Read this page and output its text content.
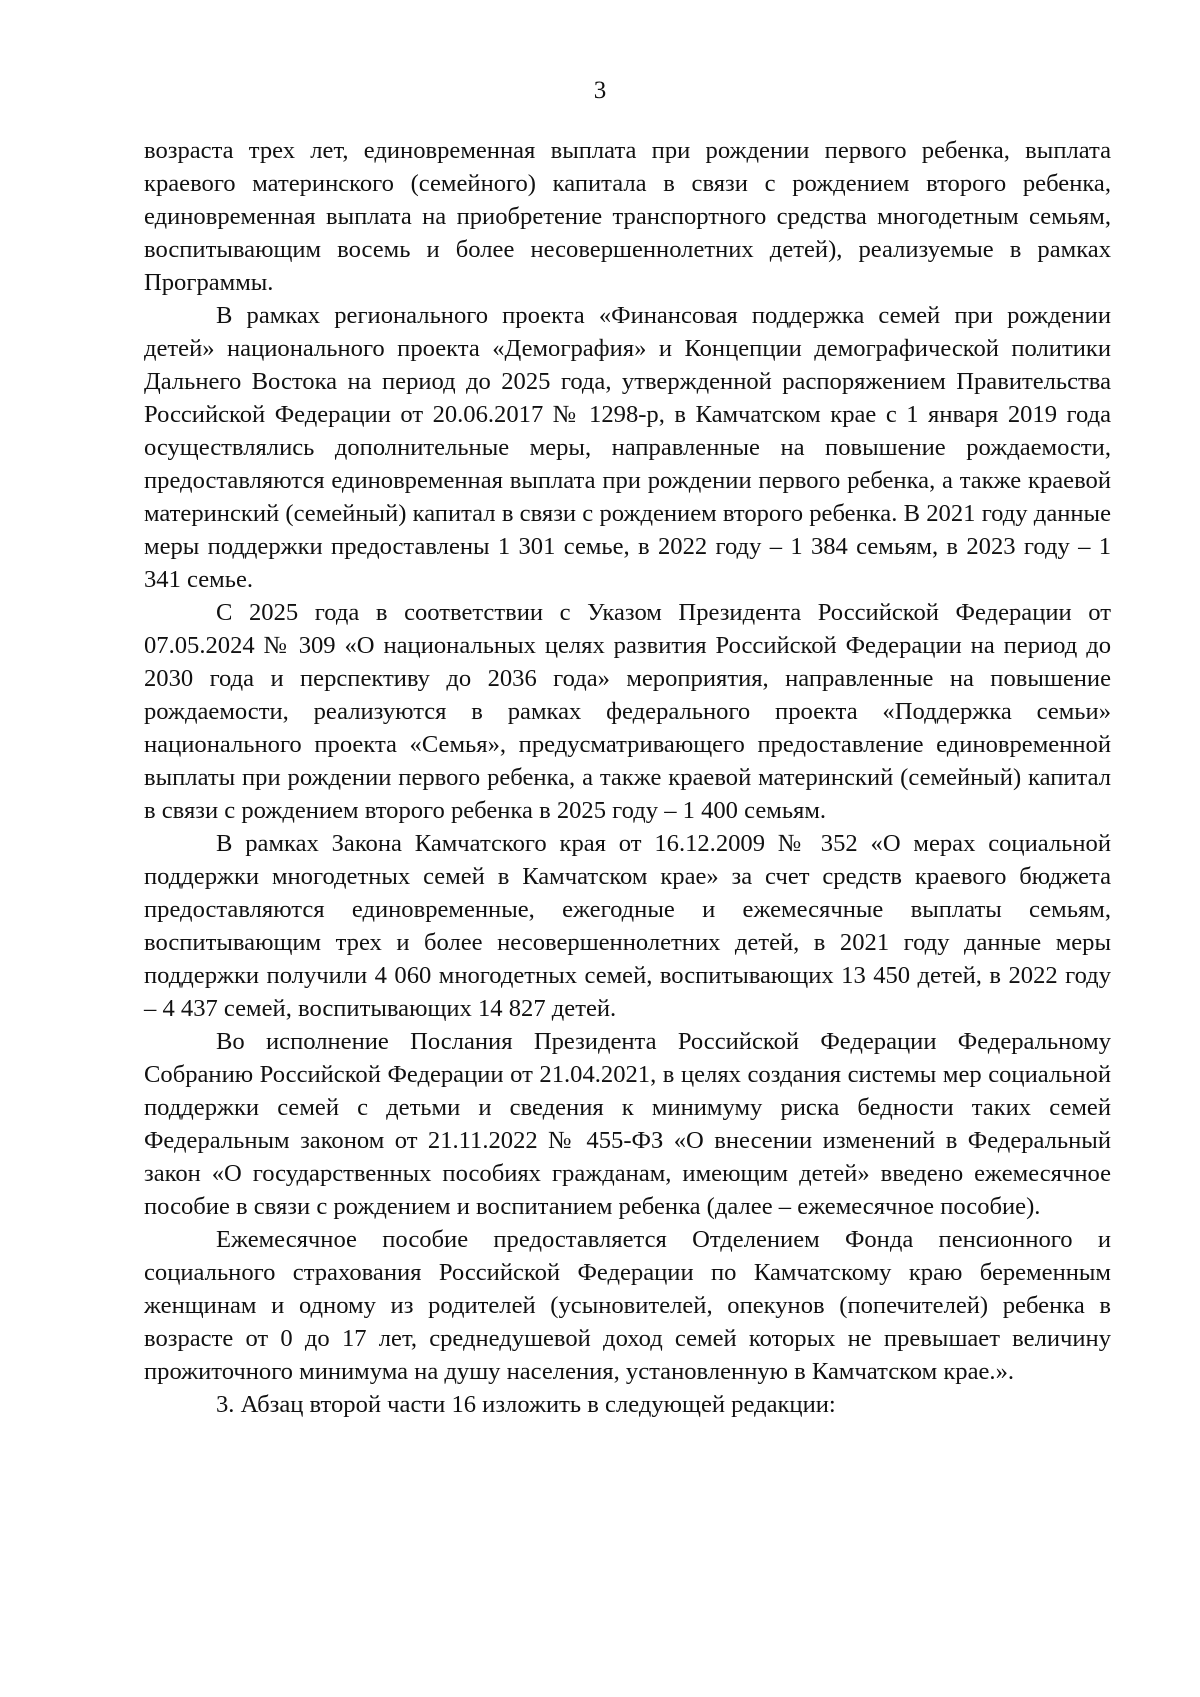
3

возраста трех лет, единовременная выплата при рождении первого ребенка, выплата краевого материнского (семейного) капитала в связи с рождением второго ребенка, единовременная выплата на приобретение транспортного средства многодетным семьям, воспитывающим восемь и более несовершеннолетних детей), реализуемые в рамках Программы.

В рамках регионального проекта «Финансовая поддержка семей при рождении детей» национального проекта «Демография» и Концепции демографической политики Дальнего Востока на период до 2025 года, утвержденной распоряжением Правительства Российской Федерации от 20.06.2017 № 1298-р, в Камчатском крае с 1 января 2019 года осуществлялись дополнительные меры, направленные на повышение рождаемости, предоставляются единовременная выплата при рождении первого ребенка, а также краевой материнский (семейный) капитал в связи с рождением второго ребенка. В 2021 году данные меры поддержки предоставлены 1 301 семье, в 2022 году – 1 384 семьям, в 2023 году – 1 341 семье.

С 2025 года в соответствии с Указом Президента Российской Федерации от 07.05.2024 № 309 «О национальных целях развития Российской Федерации на период до 2030 года и перспективу до 2036 года» мероприятия, направленные на повышение рождаемости, реализуются в рамках федерального проекта «Поддержка семьи» национального проекта «Семья», предусматривающего предоставление единовременной выплаты при рождении первого ребенка, а также краевой материнский (семейный) капитал в связи с рождением второго ребенка в 2025 году – 1 400 семьям.

В рамках Закона Камчатского края от 16.12.2009 № 352 «О мерах социальной поддержки многодетных семей в Камчатском крае» за счет средств краевого бюджета предоставляются единовременные, ежегодные и ежемесячные выплаты семьям, воспитывающим трех и более несовершеннолетних детей, в 2021 году данные меры поддержки получили 4 060 многодетных семей, воспитывающих 13 450 детей, в 2022 году – 4 437 семей, воспитывающих 14 827 детей.

Во исполнение Послания Президента Российской Федерации Федеральному Собранию Российской Федерации от 21.04.2021, в целях создания системы мер социальной поддержки семей с детьми и сведения к минимуму риска бедности таких семей Федеральным законом от 21.11.2022 № 455-ФЗ «О внесении изменений в Федеральный закон «О государственных пособиях гражданам, имеющим детей» введено ежемесячное пособие в связи с рождением и воспитанием ребенка (далее – ежемесячное пособие).

Ежемесячное пособие предоставляется Отделением Фонда пенсионного и социального страхования Российской Федерации по Камчатскому краю беременным женщинам и одному из родителей (усыновителей, опекунов (попечителей) ребенка в возрасте от 0 до 17 лет, среднедушевой доход семей которых не превышает величину прожиточного минимума на душу населения, установленную в Камчатском крае.».

3. Абзац второй части 16 изложить в следующей редакции:
